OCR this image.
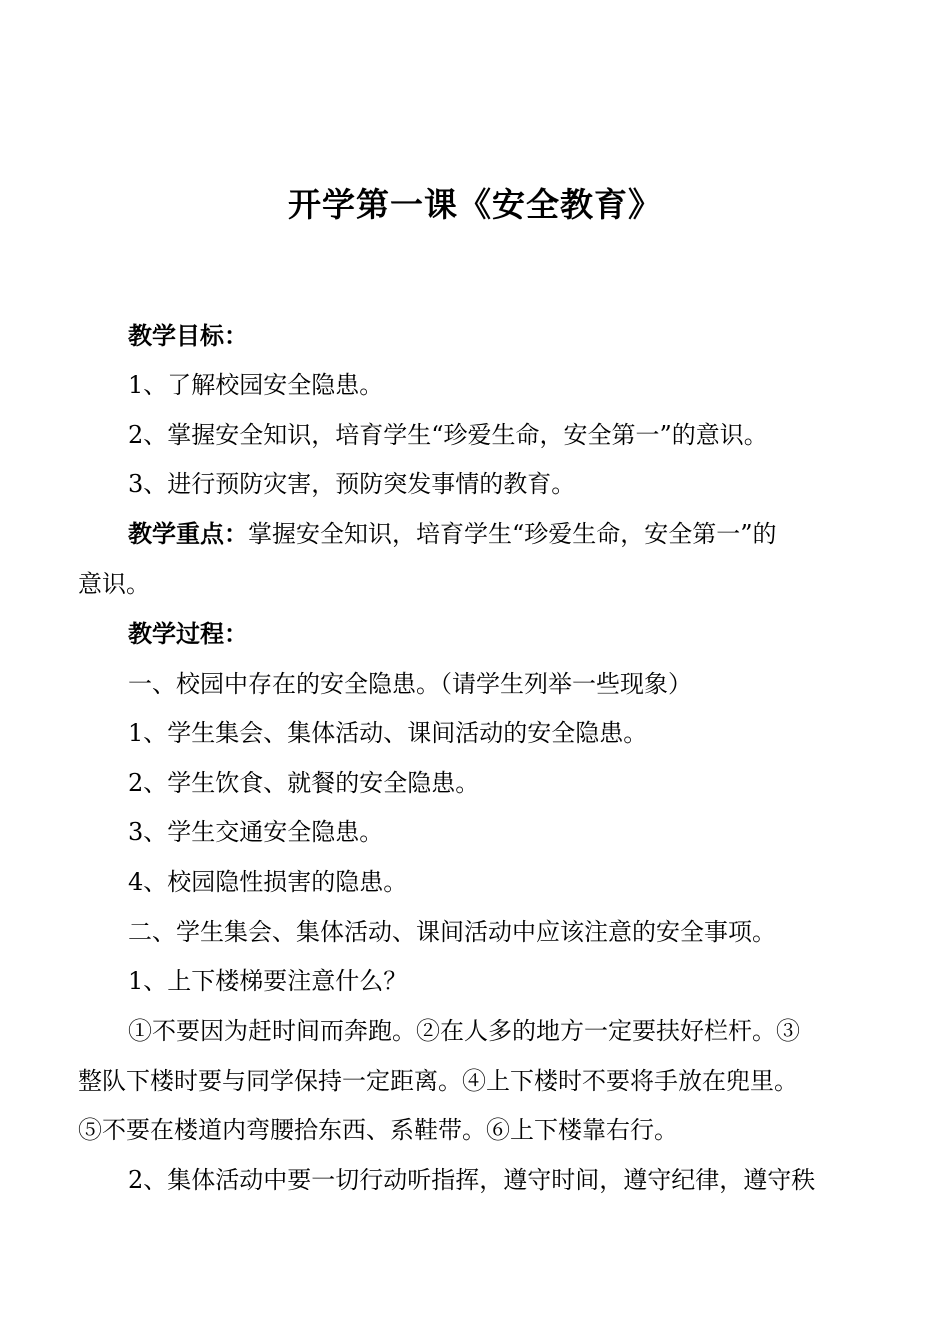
开学第一课《安全教育》
教学目标：
1、了解校园安全隐患。
2、掌握安全知识，培育学生“珍爱生命，安全第一”的意识。
3、进行预防灾害，预防突发事情的教育。
教学重点：掌握安全知识，培育学生“珍爱生命，安全第一”的
意识。
教学过程：
一、校园中存在的安全隐患。（请学生列举一些现象）
1、学生集会、集体活动、课间活动的安全隐患。
2、学生饮食、就餐的安全隐患。
3、学生交通安全隐患。
4、校园隐性损害的隐患。
二、学生集会、集体活动、课间活动中应该注意的安全事项。
1、上下楼梯要注意什么？
①不要因为赶时间而奔跑。②在人多的地方一定要扶好栏杆。③
整队下楼时要与同学保持一定距离。④上下楼时不要将手放在兜里。
⑤不要在楼道内弯腰拾东西、系鞋带。⑥上下楼靠右行。
2、集体活动中要一切行动听指挥，遵守时间，遵守纪律，遵守秩
